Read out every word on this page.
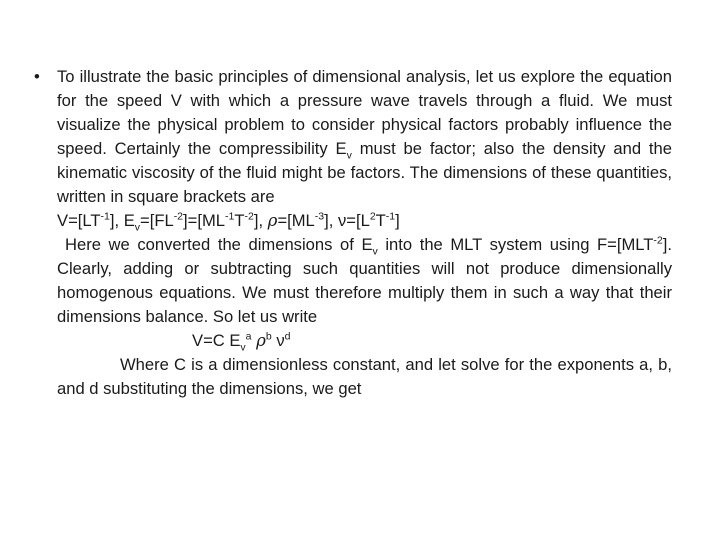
• To illustrate the basic principles of dimensional analysis, let us explore the equation for the speed V with which a pressure wave travels through a fluid. We must visualize the physical problem to consider physical factors probably influence the speed. Certainly the compressibility $E_v$ must be factor; also the density and the kinematic viscosity of the fluid might be factors. The dimensions of these quantities, written in square brackets are

$V=[LT^{-1}]$, $E_v=[FL^{-2}]=[ML^{-1}T^{-2}]$, $\rho=[ML^{-3}]$, $\nu=[L^2T^{-1}]$

Here we converted the dimensions of $E_v$ into the MLT system using $F=[MLT^{-2}]$. Clearly, adding or subtracting such quantities will not produce dimensionally homogenous equations. We must therefore multiply them in such a way that their dimensions balance. So let us write

V=C $E_v^a$ $\rho^b$ $\nu^d$

Where C is a dimensionless constant, and let solve for the exponents a, b, and d substituting the dimensions, we get
